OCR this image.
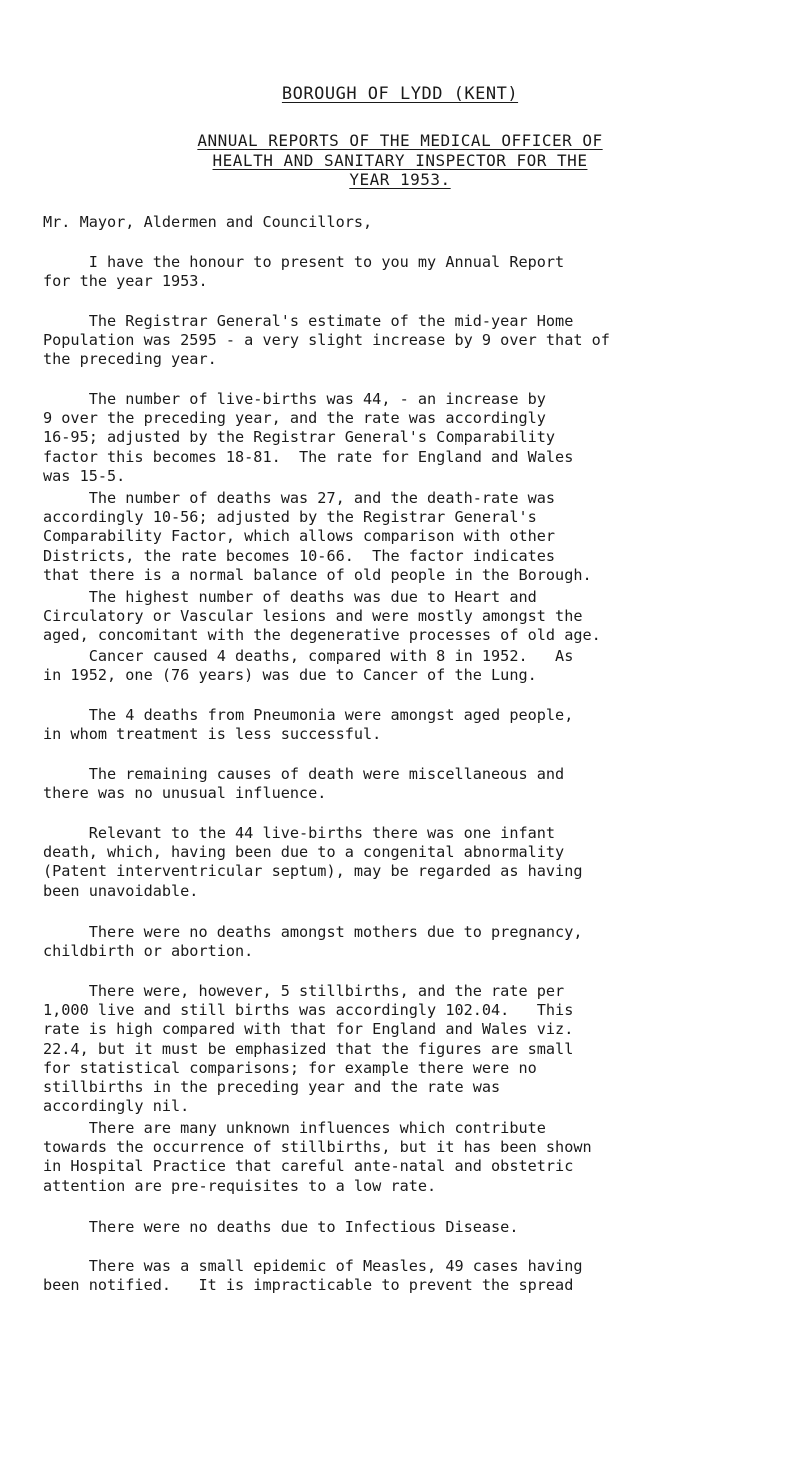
BOROUGH OF LYDD (KENT)
ANNUAL REPORTS OF THE MEDICAL OFFICER OF
HEALTH AND SANITARY INSPECTOR FOR THE
YEAR 1953.

Mr. Mayor, Aldermen and Councillors,

I have the honour to present to you my Annual Report
for the year 1953.

The Registrar General's estimate of the mid-year Home
Population was 2595 - a very slight increase by 9 over that of
the preceding year.

The number of live-births was 44, - an increase by
9 over the preceding year, and the rate was accordingly
16-95; adjusted by the Registrar General's Comparability
factor this becomes 18-81.  The rate for England and Wales
was 15-5.

The number of deaths was 27, and the death-rate was
accordingly 10-56; adjusted by the Registrar General's
Comparability Factor, which allows comparison with other
Districts, the rate becomes 10-66.  The factor indicates
that there is a normal balance of old people in the Borough.

The highest number of deaths was due to Heart and
Circulatory or Vascular lesions and were mostly amongst the
aged, concomitant with the degenerative processes of old age.

Cancer caused 4 deaths, compared with 8 in 1952.   As
in 1952, one (76 years) was due to Cancer of the Lung.

The 4 deaths from Pneumonia were amongst aged people,
in whom treatment is less successful.

The remaining causes of death were miscellaneous and
there was no unusual influence.

Relevant to the 44 live-births there was one infant
death, which, having been due to a congenital abnormality
(Patent interventricular septum), may be regarded as having
been unavoidable.

There were no deaths amongst mothers due to pregnancy,
childbirth or abortion.

There were, however, 5 stillbirths, and the rate per
1,000 live and still births was accordingly 102.04.   This
rate is high compared with that for England and Wales viz.
22.4, but it must be emphasized that the figures are small
for statistical comparisons; for example there were no
stillbirths in the preceding year and the rate was
accordingly nil.

There are many unknown influences which contribute
towards the occurrence of stillbirths, but it has been shown
in Hospital Practice that careful ante-natal and obstetric
attention are pre-requisites to a low rate.

There were no deaths due to Infectious Disease.

There was a small epidemic of Measles, 49 cases having
been notified.   It is impracticable to prevent the spread
